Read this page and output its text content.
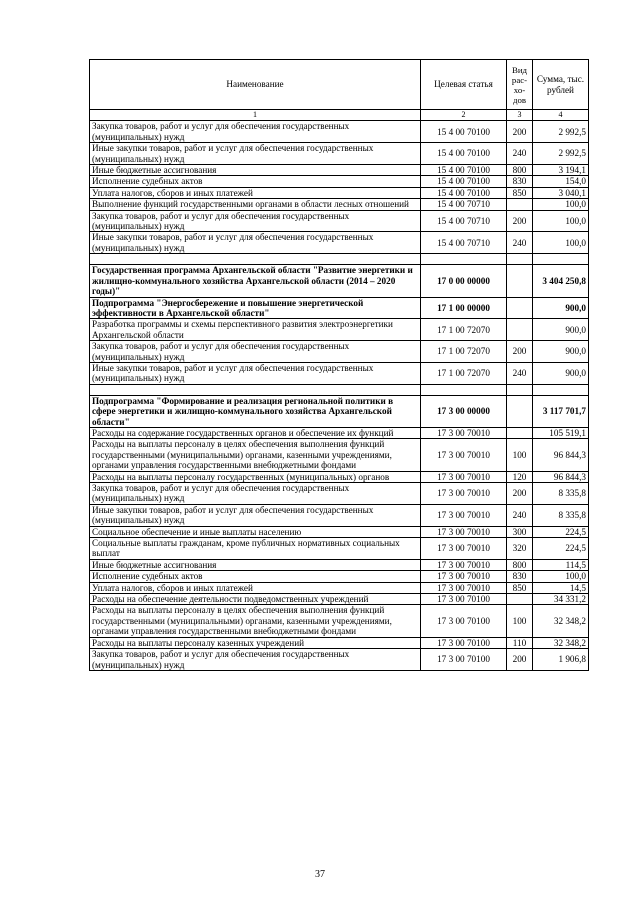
Наименование	Целевая статья	Вид рас-хо-дов	Сумма, тыс. рублей
1	2	3	4
Закупка товаров, работ и услуг для обеспечения государственных (муниципальных) нужд	15 4 00 70100	200	2 992,5
Иные закупки товаров, работ и услуг для обеспечения государственных (муниципальных) нужд	15 4 00 70100	240	2 992,5
Иные бюджетные ассигнования	15 4 00 70100	800	3 194,1
Исполнение судебных актов	15 4 00 70100	830	154,0
Уплата налогов, сборов и иных платежей	15 4 00 70100	850	3 040,1
Выполнение функций государственными органами в области лесных отношений	15 4 00 70710		100,0
Закупка товаров, работ и услуг для обеспечения государственных (муниципальных) нужд	15 4 00 70710	200	100,0
Иные закупки товаров, работ и услуг для обеспечения государственных (муниципальных) нужд	15 4 00 70710	240	100,0

Государственная программа Архангельской области "Развитие энергетики и жилищно-коммунального хозяйства Архангельской области (2014 – 2020 годы)"	17 0 00 00000		3 404 250,8
Подпрограмма "Энергосбережение и повышение энергетической эффективности в Архангельской области"	17 1 00 00000		900,0
Разработка программы и схемы перспективного развития электроэнергетики Архангельской области	17 1 00 72070		900,0
Закупка товаров, работ и услуг для обеспечения государственных (муниципальных) нужд	17 1 00 72070	200	900,0
Иные закупки товаров, работ и услуг для обеспечения государственных (муниципальных) нужд	17 1 00 72070	240	900,0

Подпрограмма "Формирование и реализация региональной политики в сфере энергетики и жилищно-коммунального хозяйства Архангельской области"	17 3 00 00000		3 117 701,7
Расходы на содержание государственных органов и обеспечение их функций	17 3 00 70010		105 519,1
Расходы на выплаты персоналу в целях обеспечения выполнения функций государственными (муниципальными) органами, казенными учреждениями, органами управления государственными внебюджетными фондами	17 3 00 70010	100	96 844,3
Расходы на выплаты персоналу государственных (муниципальных) органов	17 3 00 70010	120	96 844,3
Закупка товаров, работ и услуг для обеспечения государственных (муниципальных) нужд	17 3 00 70010	200	8 335,8
Иные закупки товаров, работ и услуг для обеспечения государственных (муниципальных) нужд	17 3 00 70010	240	8 335,8
Социальное обеспечение и иные выплаты населению	17 3 00 70010	300	224,5
Социальные выплаты гражданам, кроме публичных нормативных социальных выплат	17 3 00 70010	320	224,5
Иные бюджетные ассигнования	17 3 00 70010	800	114,5
Исполнение судебных актов	17 3 00 70010	830	100,0
Уплата налогов, сборов и иных платежей	17 3 00 70010	850	14,5
Расходы на обеспечение деятельности подведомственных учреждений	17 3 00 70100		34 331,2
Расходы на выплаты персоналу в целях обеспечения выполнения функций государственными (муниципальными) органами, казенными учреждениями, органами управления государственными внебюджетными фондами	17 3 00 70100	100	32 348,2
Расходы на выплаты персоналу казенных учреждений	17 3 00 70100	110	32 348,2
Закупка товаров, работ и услуг для обеспечения государственных (муниципальных) нужд	17 3 00 70100	200	1 906,8
37
